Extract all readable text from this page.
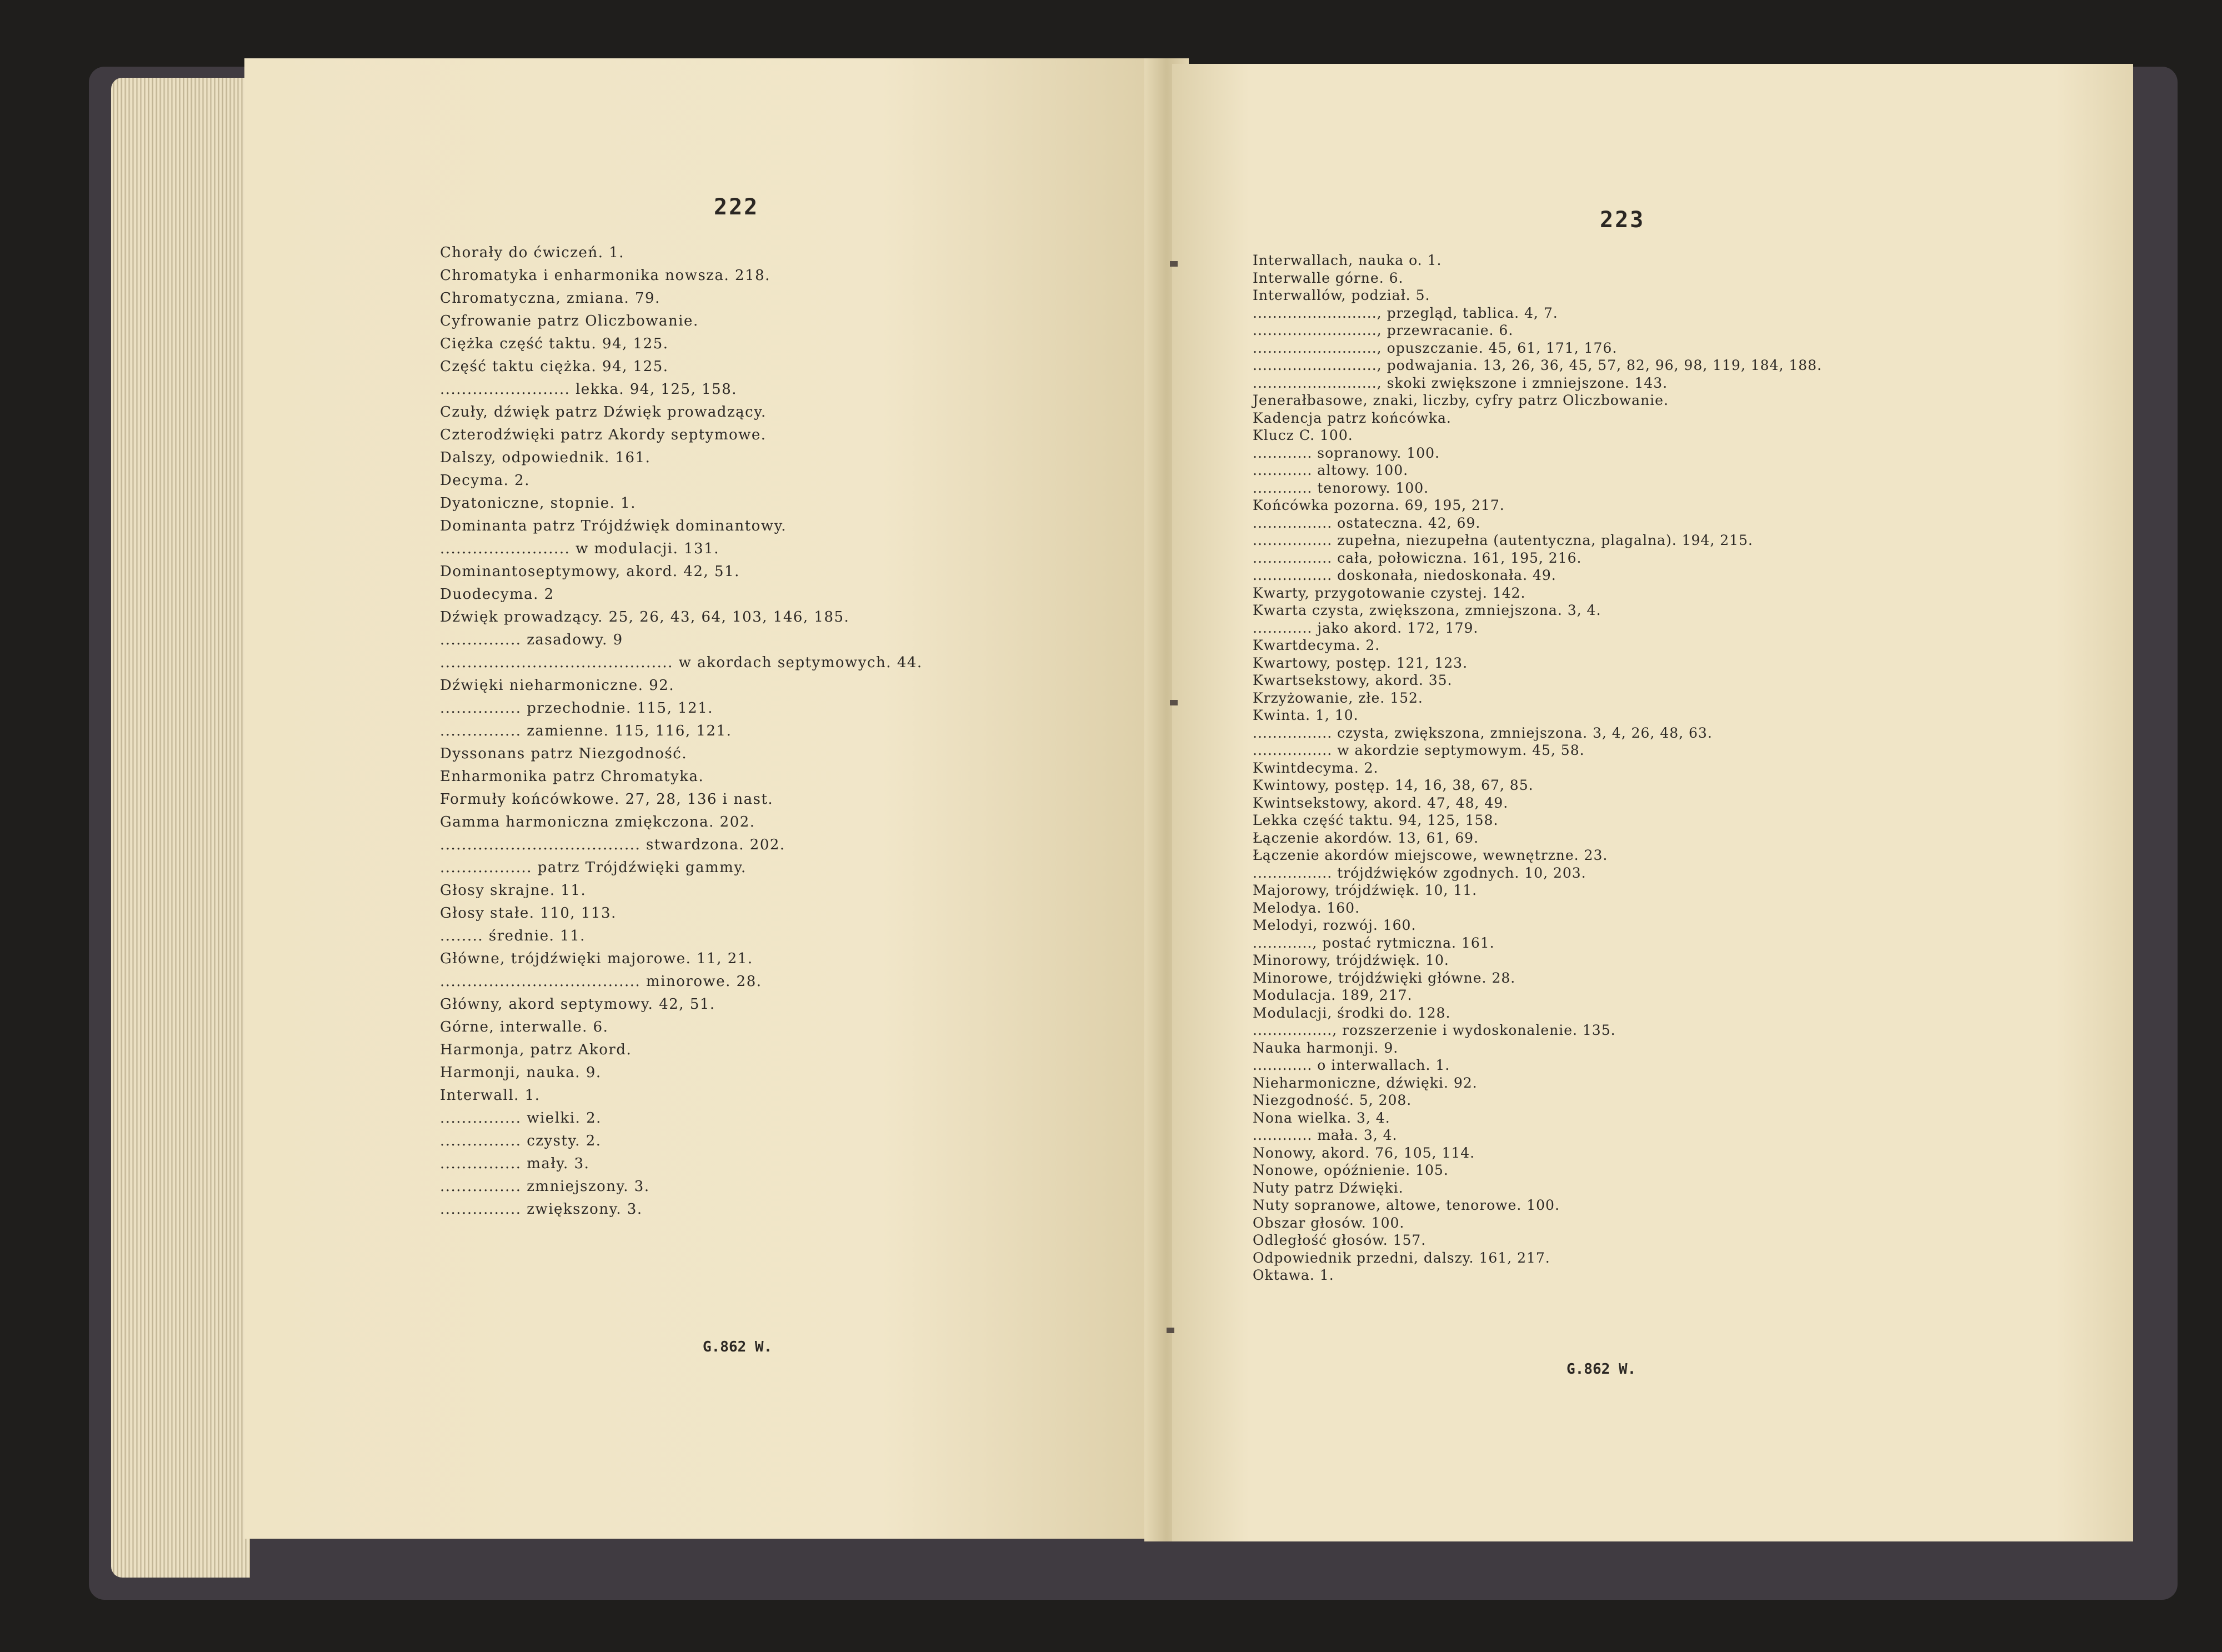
222
Chorały do ćwiczeń. 1.
Chromatyka i enharmonika nowsza. 218.
Chromatyczna, zmiana. 79.
Cyfrowanie patrz Oliczbowanie.
Ciężka część taktu. 94, 125.
Część taktu ciężka. 94, 125.
........................ lekka. 94, 125, 158.
Czuły, dźwięk patrz Dźwięk prowadzący.
Czterodźwięki patrz Akordy septymowe.
Dalszy, odpowiednik. 161.
Decyma. 2.
Dyatoniczne, stopnie. 1.
Dominanta patrz Trójdźwięk dominantowy.
........................ w modulacji. 131.
Dominantoseptymowy, akord. 42, 51.
Duodecyma. 2
Dźwięk prowadzący. 25, 26, 43, 64, 103, 146, 185.
............... zasadowy. 9
........................................... w akordach septymowych. 44.
Dźwięki nieharmoniczne. 92.
............... przechodnie. 115, 121.
............... zamienne. 115, 116, 121.
Dyssonans patrz Niezgodność.
Enharmonika patrz Chromatyka.
Formuły końcówkowe. 27, 28, 136 i nast.
Gamma harmoniczna zmiękczona. 202.
..................................... stwardzona. 202.
................. patrz Trójdźwięki gammy.
Głosy skrajne. 11.
Głosy stałe. 110, 113.
........ średnie. 11.
Główne, trójdźwięki majorowe. 11, 21.
..................................... minorowe. 28.
Główny, akord septymowy. 42, 51.
Górne, interwalle. 6.
Harmonja, patrz Akord.
Harmonji, nauka. 9.
Interwall. 1.
............... wielki. 2.
............... czysty. 2.
............... mały. 3.
............... zmniejszony. 3.
............... zwiększony. 3.
G.862 W.
223
Interwallach, nauka o. 1.
Interwalle górne. 6.
Interwallów, podział. 5.
........................., przegląd, tablica. 4, 7.
........................., przewracanie. 6.
........................., opuszczanie. 45, 61, 171, 176.
........................., podwajania. 13, 26, 36, 45, 57, 82, 96, 98, 119, 184, 188.
........................., skoki zwiększone i zmniejszone. 143.
Jenerałbasowe, znaki, liczby, cyfry patrz Oliczbowanie.
Kadencja patrz końcówka.
Klucz C. 100.
............ sopranowy. 100.
............ altowy. 100.
............ tenorowy. 100.
Końcówka pozorna. 69, 195, 217.
................ ostateczna. 42, 69.
................ zupełna, niezupełna (autentyczna, plagalna). 194, 215.
................ cała, połowiczna. 161, 195, 216.
................ doskonała, niedoskonała. 49.
Kwarty, przygotowanie czystej. 142.
Kwarta czysta, zwiększona, zmniejszona. 3, 4.
............ jako akord. 172, 179.
Kwartdecyma. 2.
Kwartowy, postęp. 121, 123.
Kwartsekstowy, akord. 35.
Krzyżowanie, złe. 152.
Kwinta. 1, 10.
................ czysta, zwiększona, zmniejszona. 3, 4, 26, 48, 63.
................ w akordzie septymowym. 45, 58.
Kwintdecyma. 2.
Kwintowy, postęp. 14, 16, 38, 67, 85.
Kwintsekstowy, akord. 47, 48, 49.
Lekka część taktu. 94, 125, 158.
Łączenie akordów. 13, 61, 69.
Łączenie akordów miejscowe, wewnętrzne. 23.
................ trójdźwięków zgodnych. 10, 203.
Majorowy, trójdźwięk. 10, 11.
Melodya. 160.
Melodyi, rozwój. 160.
............, postać rytmiczna. 161.
Minorowy, trójdźwięk. 10.
Minorowe, trójdźwięki główne. 28.
Modulacja. 189, 217.
Modulacji, środki do. 128.
................, rozszerzenie i wydoskonalenie. 135.
Nauka harmonji. 9.
............ o interwallach. 1.
Nieharmoniczne, dźwięki. 92.
Niezgodność. 5, 208.
Nona wielka. 3, 4.
............ mała. 3, 4.
Nonowy, akord. 76, 105, 114.
Nonowe, opóźnienie. 105.
Nuty patrz Dźwięki.
Nuty sopranowe, altowe, tenorowe. 100.
Obszar głosów. 100.
Odległość głosów. 157.
Odpowiednik przedni, dalszy. 161, 217.
Oktawa. 1.
G.862 W.
